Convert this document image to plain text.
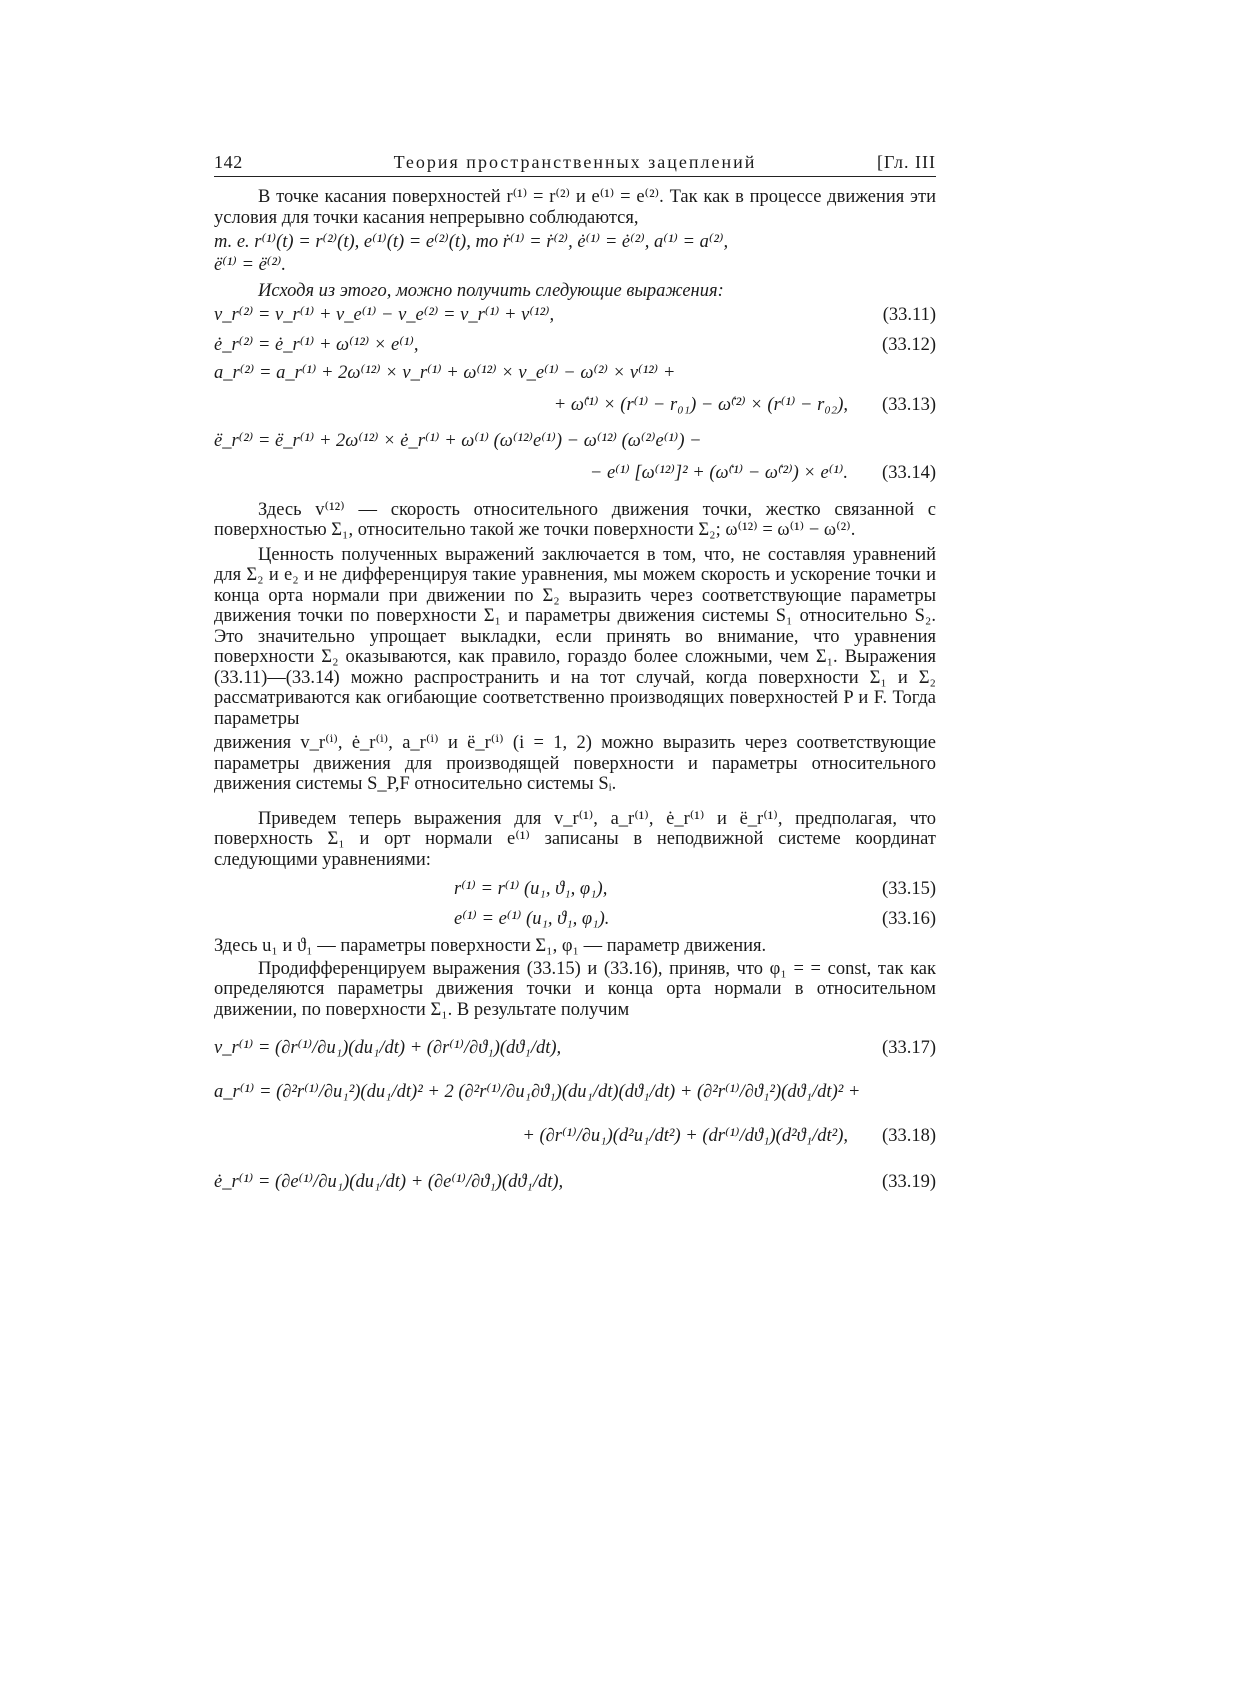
142	Теория пространственных зацеплений	[Гл. III

В точке касания поверхностей r⁽¹⁾ = r⁽²⁾ и e⁽¹⁾ = e⁽²⁾. Так как в процессе движения эти условия для точки касания непрерывно соблюдаются,

т. е. r⁽¹⁾(t) = r⁽²⁾(t), e⁽¹⁾(t) = e⁽²⁾(t), то ṙ⁽¹⁾ = ṙ⁽²⁾, ė⁽¹⁾ = ė⁽²⁾, a⁽¹⁾ = a⁽²⁾,

ë⁽¹⁾ = ë⁽²⁾.

Исходя из этого, можно получить следующие выражения:

v_r⁽²⁾ = v_r⁽¹⁾ + v_e⁽¹⁾ − v_e⁽²⁾ = v_r⁽¹⁾ + v⁽¹²⁾,	(33.11)
ė_r⁽²⁾ = ė_r⁽¹⁾ + ω⁽¹²⁾ × e⁽¹⁾,	(33.12)
a_r⁽²⁾ = a_r⁽¹⁾ + 2ω⁽¹²⁾ × v_r⁽¹⁾ + ω⁽¹²⁾ × v_e⁽¹⁾ − ω⁽²⁾ × v⁽¹²⁾ +
+ ω̇⁽¹⁾ × (r⁽¹⁾ − r₀₁) − ω̇⁽²⁾ × (r⁽¹⁾ − r₀₂), (33.13)
ë_r⁽²⁾ = ë_r⁽¹⁾ + 2ω⁽¹²⁾ × ė_r⁽¹⁾ + ω⁽¹⁾ (ω⁽¹²⁾e⁽¹⁾) − ω⁽¹²⁾ (ω⁽²⁾e⁽¹⁾) −
− e⁽¹⁾ [ω⁽¹²⁾]² + (ω̇⁽¹⁾ − ω̇⁽²⁾) × e⁽¹⁾. (33.14)

Здесь v⁽¹²⁾ — скорость относительного движения точки, жестко связанной с поверхностью Σ₁, относительно такой же точки поверхности Σ₂; ω⁽¹²⁾ = ω⁽¹⁾ − ω⁽²⁾.

Ценность полученных выражений заключается в том, что, не составляя уравнений для Σ₂ и e₂ и не дифференцируя такие уравнения, мы можем скорость и ускорение точки и конца орта нормали при движении по Σ₂ выразить через соответствующие параметры движения точки по поверхности Σ₁ и параметры движения системы S₁ относительно S₂. Это значительно упрощает выкладки, если принять во внимание, что уравнения поверхности Σ₂ оказываются, как правило, гораздо более сложными, чем Σ₁. Выражения (33.11)—(33.14) можно распространить и на тот случай, когда поверхности Σ₁ и Σ₂ рассматриваются как огибающие соответственно производящих поверхностей P и F. Тогда параметры

движения v_r⁽ⁱ⁾, ė_r⁽ⁱ⁾, a_r⁽ⁱ⁾ и ë_r⁽ⁱ⁾ (i = 1, 2) можно выразить через соответствующие параметры движения для производящей поверхности и параметры относительного движения системы S_P,F относительно системы Sᵢ.

Приведем теперь выражения для v_r⁽¹⁾, a_r⁽¹⁾, ė_r⁽¹⁾ и ë_r⁽¹⁾, предполагая, что поверхность Σ₁ и орт нормали e⁽¹⁾ записаны в неподвижной системе координат следующими уравнениями:

r⁽¹⁾ = r⁽¹⁾ (u₁, ϑ₁, φ₁),	(33.15)
e⁽¹⁾ = e⁽¹⁾ (u₁, ϑ₁, φ₁).	(33.16)

Здесь u₁ и ϑ₁ — параметры поверхности Σ₁, φ₁ — параметр движения.

Продифференцируем выражения (33.15) и (33.16), приняв, что φ₁ = = const, так как определяются параметры движения точки и конца орта нормали в относительном движении, по поверхности Σ₁. В результате получим

v_r⁽¹⁾ = (∂r⁽¹⁾/∂u₁)(du₁/dt) + (∂r⁽¹⁾/∂ϑ₁)(dϑ₁/dt),	(33.17)
a_r⁽¹⁾ = (∂²r⁽¹⁾/∂u₁²)(du₁/dt)² + 2 (∂²r⁽¹⁾/∂u₁∂ϑ₁)(du₁/dt)(dϑ₁/dt) + (∂²r⁽¹⁾/∂ϑ₁²)(dϑ₁/dt)² +
+ (∂r⁽¹⁾/∂u₁)(d²u₁/dt²) + (dr⁽¹⁾/dϑ₁)(d²ϑ₁/dt²), (33.18)
ė_r⁽¹⁾ = (∂e⁽¹⁾/∂u₁)(du₁/dt) + (∂e⁽¹⁾/∂ϑ₁)(dϑ₁/dt),	(33.19)
